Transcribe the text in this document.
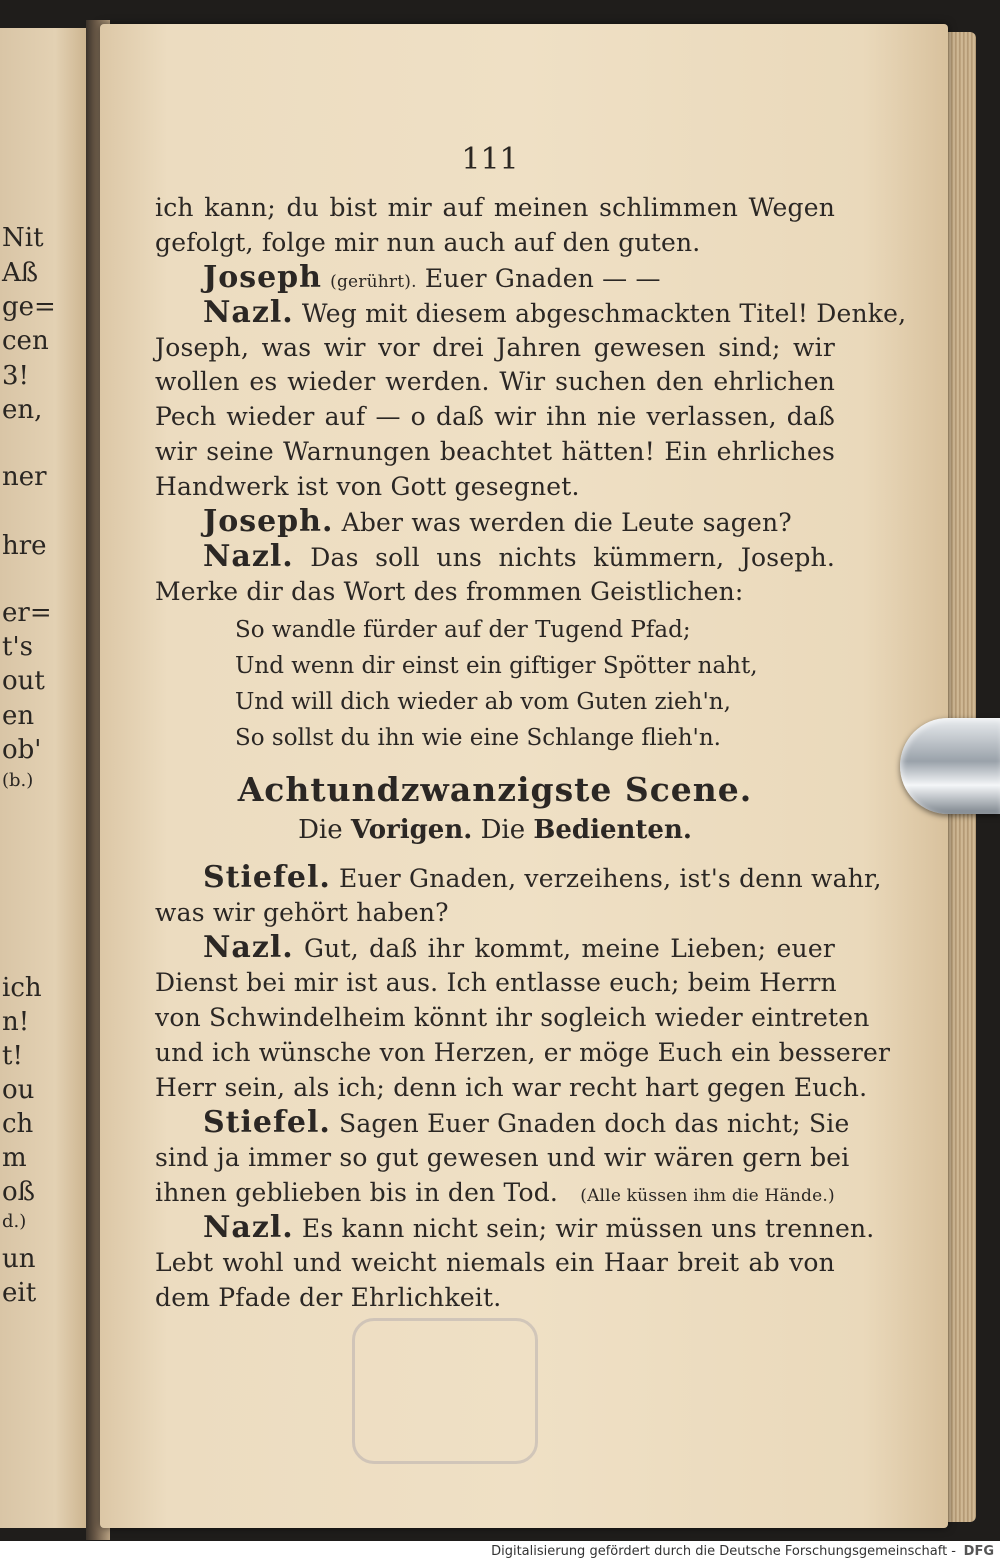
Nit
Aß
ge=
cen
3!
en,
ner
hre
er=
t's
out
en
ob'
(b.)
ich
n!
t!
ou
ch
m
oß
d.)
un
eit
111
ich kann; du bist mir auf meinen schlimmen Wegen
gefolgt, folge mir nun auch auf den guten.
Joseph (gerührt). Euer Gnaden — —
Nazl. Weg mit diesem abgeschmackten Titel! Denke,
Joseph, was wir vor drei Jahren gewesen sind; wir
wollen es wieder werden. Wir suchen den ehrlichen
Pech wieder auf — o daß wir ihn nie verlassen, daß
wir seine Warnungen beachtet hätten! Ein ehrliches
Handwerk ist von Gott gesegnet.
Joseph. Aber was werden die Leute sagen?
Nazl. Das soll uns nichts kümmern, Joseph.
Merke dir das Wort des frommen Geistlichen:
So wandle fürder auf der Tugend Pfad;
Und wenn dir einst ein giftiger Spötter naht,
Und will dich wieder ab vom Guten zieh'n,
So sollst du ihn wie eine Schlange flieh'n.
Achtundzwanzigste Scene.
Die Vorigen. Die Bedienten.
Stiefel. Euer Gnaden, verzeihens, ist's denn wahr,
was wir gehört haben?
Nazl. Gut, daß ihr kommt, meine Lieben; euer
Dienst bei mir ist aus. Ich entlasse euch; beim Herrn
von Schwindelheim könnt ihr sogleich wieder eintreten
und ich wünsche von Herzen, er möge Euch ein besserer
Herr sein, als ich; denn ich war recht hart gegen Euch.
Stiefel. Sagen Euer Gnaden doch das nicht; Sie
sind ja immer so gut gewesen und wir wären gern bei
ihnen geblieben bis in den Tod. (Alle küssen ihm die Hände.)
Nazl. Es kann nicht sein; wir müssen uns trennen.
Lebt wohl und weicht niemals ein Haar breit ab von
dem Pfade der Ehrlichkeit.
Digitalisierung gefördert durch die Deutsche Forschungsgemeinschaft - DFG
